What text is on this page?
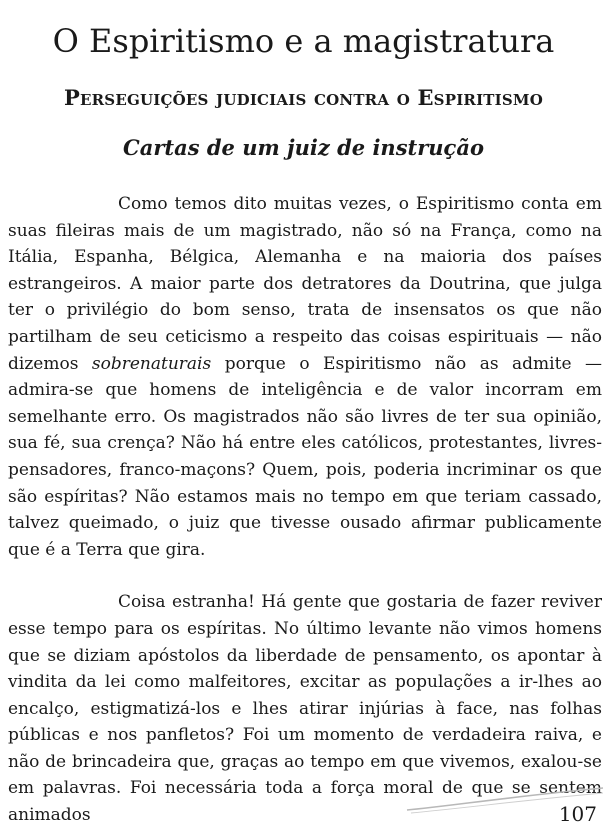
O Espiritismo e a magistratura
Perseguições judiciais contra o Espiritismo
Cartas de um juiz de instrução

Como temos dito muitas vezes, o Espiritismo conta em suas fileiras mais de um magistrado, não só na França, como na Itália, Espanha, Bélgica, Alemanha e na maioria dos países estrangeiros. A maior parte dos detratores da Doutrina, que julga ter o privilégio do bom senso, trata de insensatos os que não partilham de seu ceticismo a respeito das coisas espirituais — não dizemos sobrenaturais porque o Espiritismo não as admite — admira-se que homens de inteligência e de valor incorram em semelhante erro. Os magistrados não são livres de ter sua opinião, sua fé, sua crença? Não há entre eles católicos, protestantes, livres-pensadores, franco-maçons? Quem, pois, poderia incriminar os que são espíritas? Não estamos mais no tempo em que teriam cassado, talvez queimado, o juiz que tivesse ousado afirmar publicamente que é a Terra que gira.

Coisa estranha! Há gente que gostaria de fazer reviver esse tempo para os espíritas. No último levante não vimos homens que se diziam apóstolos da liberdade de pensamento, os apontar à vindita da lei como malfeitores, excitar as populações a ir-lhes ao encalço, estigmatizá-los e lhes atirar injúrias à face, nas folhas públicas e nos panfletos? Foi um momento de verdadeira raiva, e não de brincadeira que, graças ao tempo em que vivemos, exalou-se em palavras. Foi necessária toda a força moral de que se sentem animados	107
